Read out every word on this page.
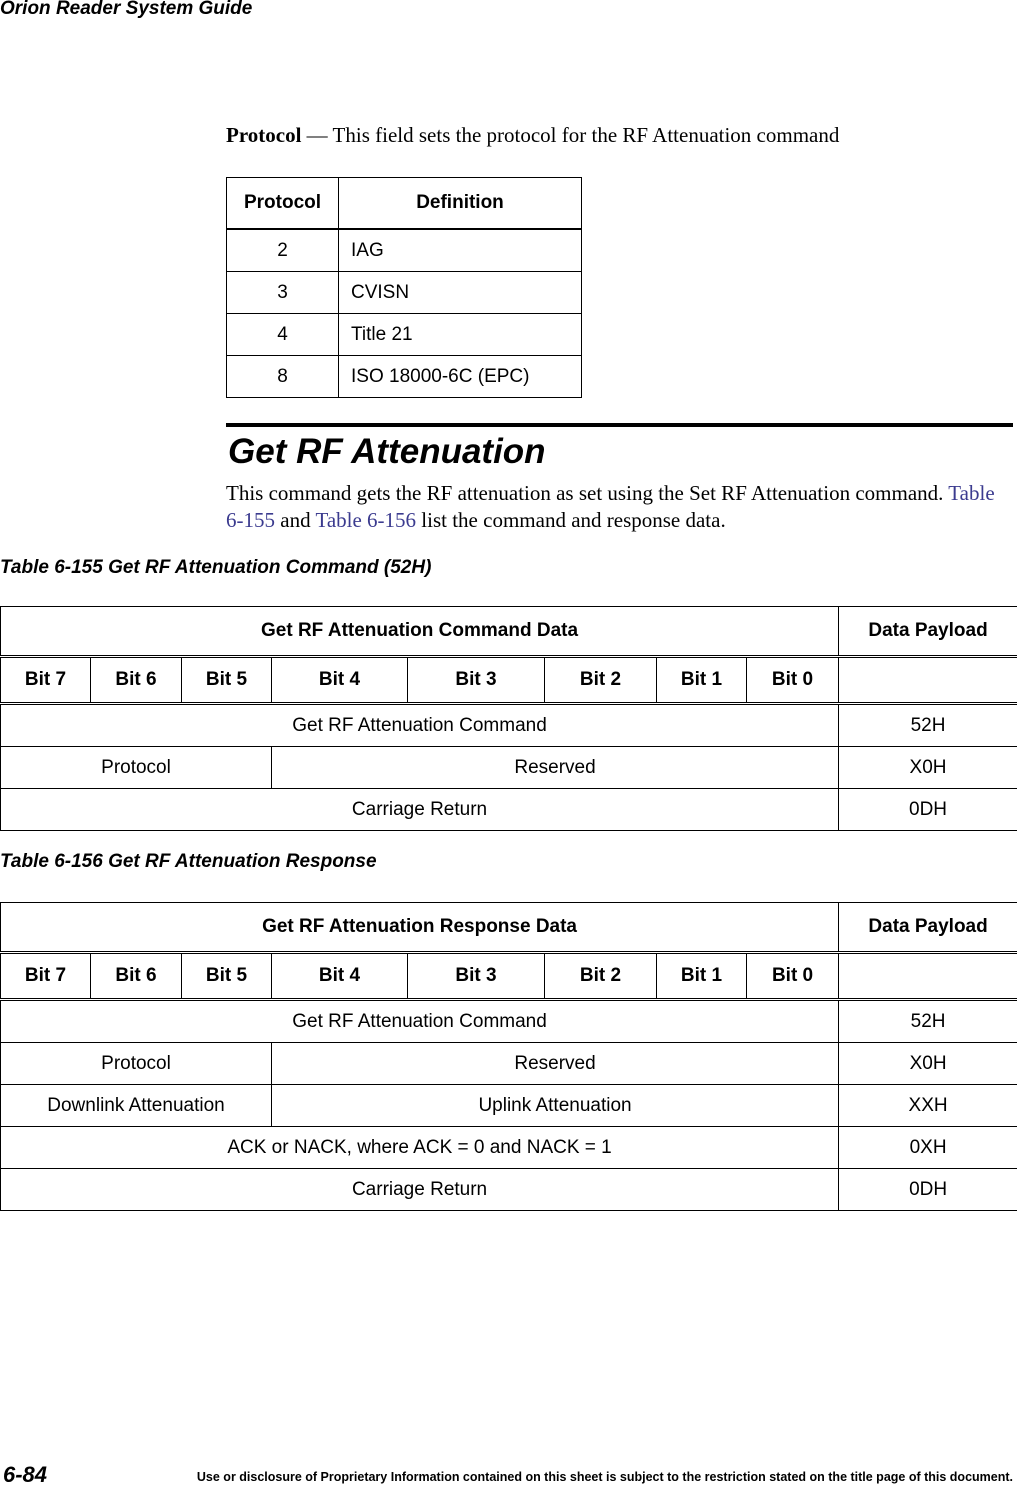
Orion Reader System Guide
Protocol — This field sets the protocol for the RF Attenuation command
Protocol	Definition
2	IAG
3	CVISN
4	Title 21
8	ISO 18000-6C (EPC)
Get RF Attenuation
This command gets the RF attenuation as set using the Set RF Attenuation command. Table 6-155 and Table 6-156 list the command and response data.
Table 6-155 Get RF Attenuation Command (52H)
Get RF Attenuation Command Data								Data Payload
Bit 7	Bit 6	Bit 5	Bit 4	Bit 3	Bit 2	Bit 1	Bit 0	
Get RF Attenuation Command								52H
Protocol			Reserved					X0H
Carriage Return								0DH
Table 6-156 Get RF Attenuation Response
Get RF Attenuation Response Data								Data Payload
Bit 7	Bit 6	Bit 5	Bit 4	Bit 3	Bit 2	Bit 1	Bit 0	
Get RF Attenuation Command								52H
Protocol			Reserved					X0H
Downlink Attenuation			Uplink Attenuation					XXH
ACK or NACK, where ACK = 0 and NACK = 1								0XH
Carriage Return								0DH
6-84	Use or disclosure of Proprietary Information contained on this sheet is subject to the restriction stated on the title page of this document.
